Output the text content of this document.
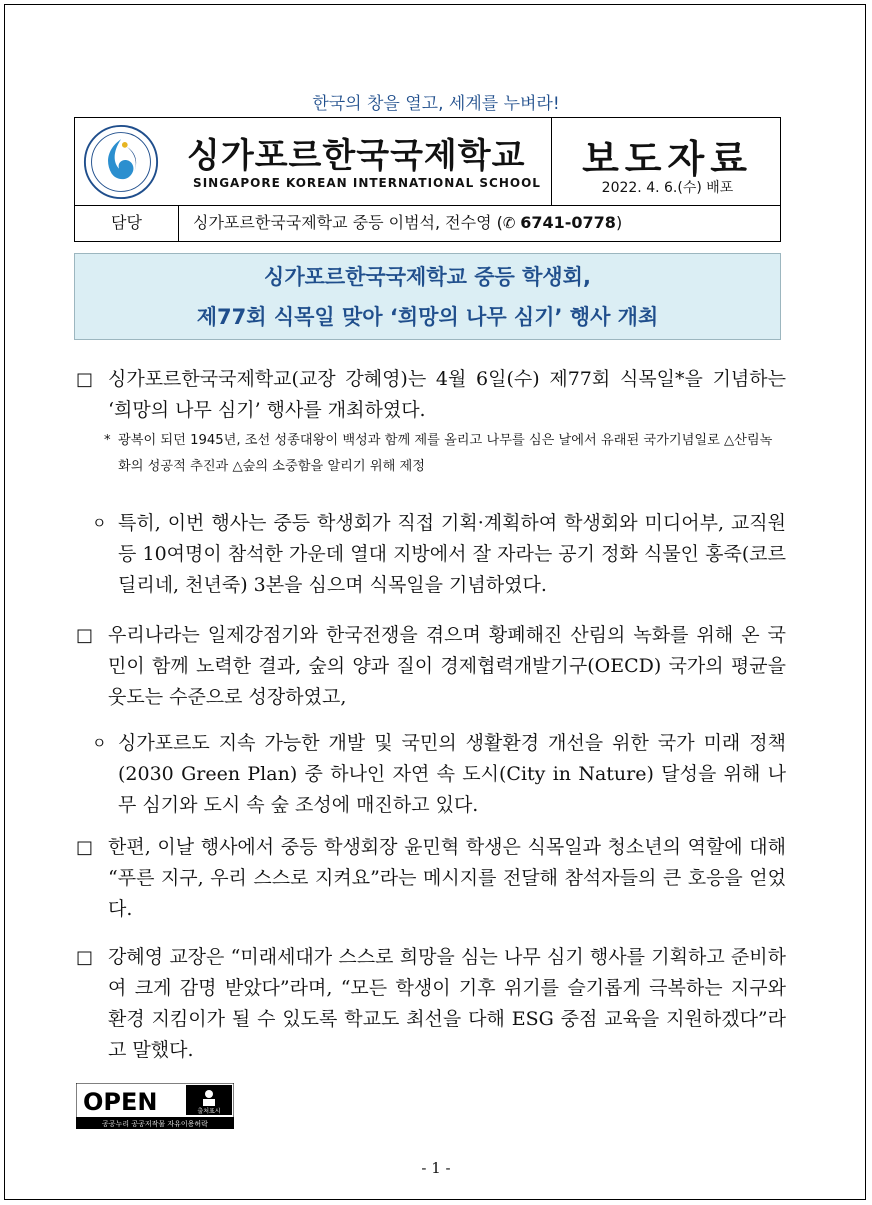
한국의 창을 열고, 세계를 누벼라!
싱가포르한국국제학교
SINGAPORE KOREAN INTERNATIONAL SCHOOL
보도자료
2022. 4. 6.(수) 배포
담당	싱가포르한국국제학교 중등 이범석, 전수영 (✆ 6741-0778)
싱가포르한국국제학교 중등 학생회,
제77회 식목일 맞아 ‘희망의 나무 심기’ 행사 개최
□ 싱가포르한국국제학교(교장 강혜영)는 4월 6일(수) 제77회 식목일*을 기념하는 ‘희망의 나무 심기’ 행사를 개최하였다.
* 광복이 되던 1945년, 조선 성종대왕이 백성과 함께 제를 올리고 나무를 심은 날에서 유래된 국가기념일로 △산림녹화의 성공적 추진과 △숲의 소중함을 알리기 위해 제정
ㅇ 특히, 이번 행사는 중등 학생회가 직접 기획·계획하여 학생회와 미디어부, 교직원 등 10여명이 참석한 가운데 열대 지방에서 잘 자라는 공기 정화 식물인 홍죽(코르딜리네, 천년죽) 3본을 심으며 식목일을 기념하였다.
□ 우리나라는 일제강점기와 한국전쟁을 겪으며 황폐해진 산림의 녹화를 위해 온 국민이 함께 노력한 결과, 숲의 양과 질이 경제협력개발기구(OECD) 국가의 평균을 웃도는 수준으로 성장하였고,
ㅇ 싱가포르도 지속 가능한 개발 및 국민의 생활환경 개선을 위한 국가 미래 정책(2030 Green Plan) 중 하나인 자연 속 도시(City in Nature) 달성을 위해 나무 심기와 도시 속 숲 조성에 매진하고 있다.
□ 한편, 이날 행사에서 중등 학생회장 윤민혁 학생은 식목일과 청소년의 역할에 대해 “푸른 지구, 우리 스스로 지켜요”라는 메시지를 전달해 참석자들의 큰 호응을 얻었다.
□ 강혜영 교장은 “미래세대가 스스로 희망을 심는 나무 심기 행사를 기획하고 준비하여 크게 감명 받았다”라며, “모든 학생이 기후 위기를 슬기롭게 극복하는 지구와 환경 지킴이가 될 수 있도록 학교도 최선을 다해 ESG 중점 교육을 지원하겠다”라고 말했다.
OPEN	출처표시
공공누리 공공저작물 자유이용허락
- 1 -
